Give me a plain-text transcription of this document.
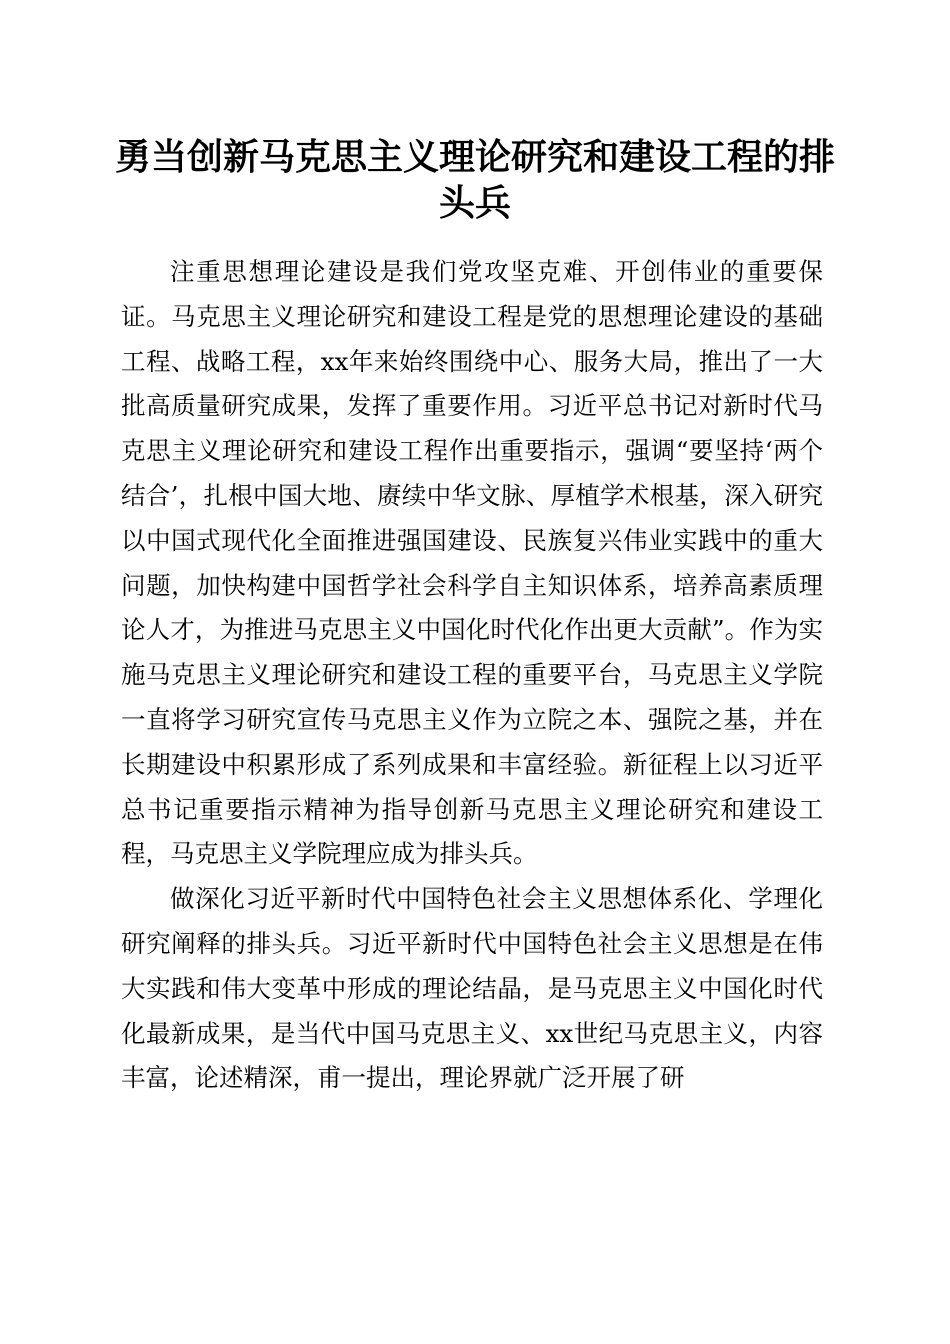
勇当创新马克思主义理论研究和建设工程的排头兵

注重思想理论建设是我们党攻坚克难、开创伟业的重要保证。马克思主义理论研究和建设工程是党的思想理论建设的基础工程、战略工程，xx年来始终围绕中心、服务大局，推出了一大批高质量研究成果，发挥了重要作用。习近平总书记对新时代马克思主义理论研究和建设工程作出重要指示，强调“要坚持‘两个结合’，扎根中国大地、赓续中华文脉、厚植学术根基，深入研究以中国式现代化全面推进强国建设、民族复兴伟业实践中的重大问题，加快构建中国哲学社会科学自主知识体系，培养高素质理论人才，为推进马克思主义中国化时代化作出更大贡献”。作为实施马克思主义理论研究和建设工程的重要平台，马克思主义学院一直将学习研究宣传马克思主义作为立院之本、强院之基，并在长期建设中积累形成了系列成果和丰富经验。新征程上以习近平总书记重要指示精神为指导创新马克思主义理论研究和建设工程，马克思主义学院理应成为排头兵。

做深化习近平新时代中国特色社会主义思想体系化、学理化研究阐释的排头兵。习近平新时代中国特色社会主义思想是在伟大实践和伟大变革中形成的理论结晶，是马克思主义中国化时代化最新成果，是当代中国马克思主义、xx世纪马克思主义，内容丰富，论述精深，甫一提出，理论界就广泛开展了研
